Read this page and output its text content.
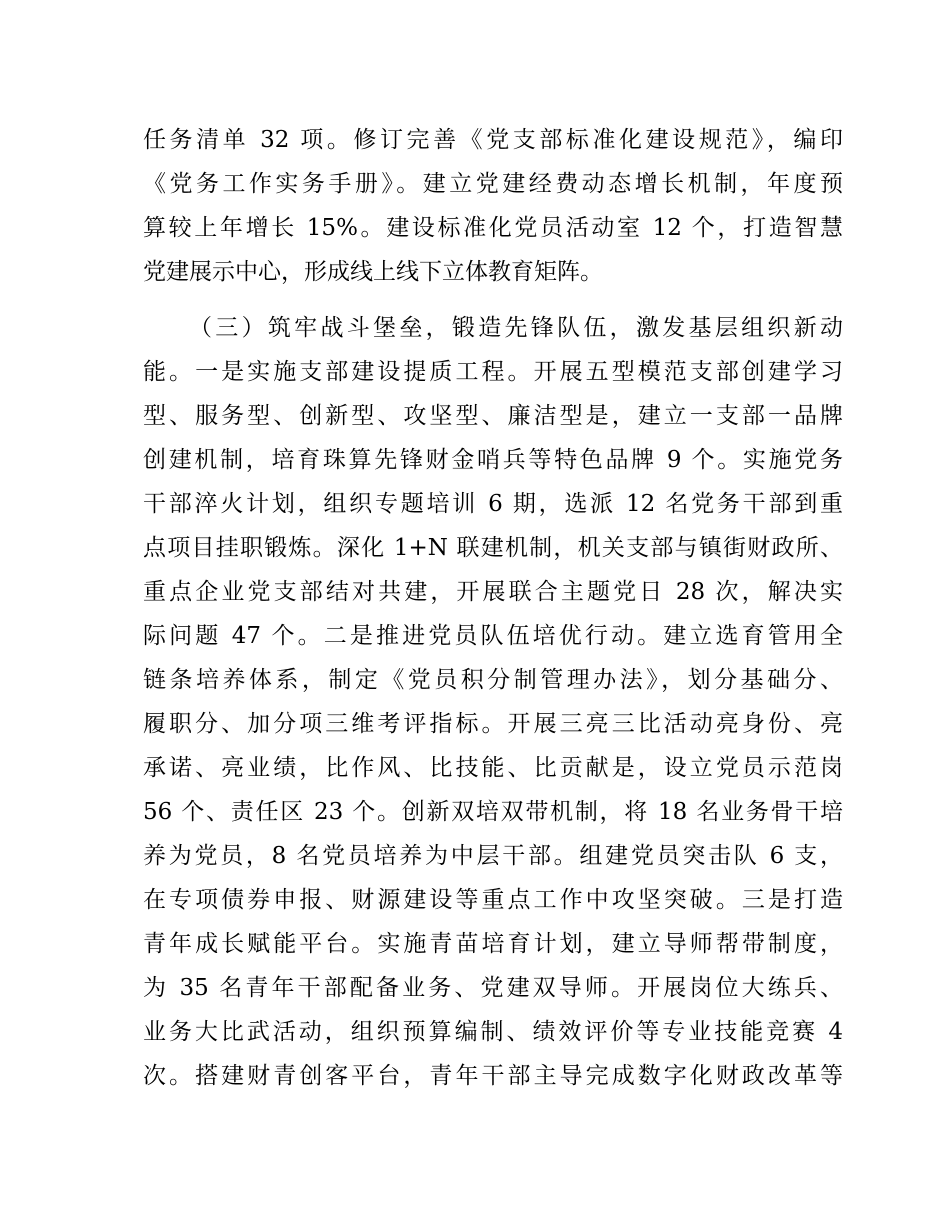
任务清单 32 项。修订完善《党支部标准化建设规范》，编印
《党务工作实务手册》。建立党建经费动态增长机制，年度预
算较上年增长 15%。建设标准化党员活动室 12 个，打造智慧
党建展示中心，形成线上线下立体教育矩阵。
（三）筑牢战斗堡垒，锻造先锋队伍，激发基层组织新动
能。一是实施支部建设提质工程。开展五型模范支部创建学习
型、服务型、创新型、攻坚型、廉洁型是，建立一支部一品牌
创建机制，培育珠算先锋财金哨兵等特色品牌 9 个。实施党务
干部淬火计划，组织专题培训 6 期，选派 12 名党务干部到重
点项目挂职锻炼。深化 1+N 联建机制，机关支部与镇街财政所、
重点企业党支部结对共建，开展联合主题党日 28 次，解决实
际问题 47 个。二是推进党员队伍培优行动。建立选育管用全
链条培养体系，制定《党员积分制管理办法》，划分基础分、
履职分、加分项三维考评指标。开展三亮三比活动亮身份、亮
承诺、亮业绩，比作风、比技能、比贡献是，设立党员示范岗
56 个、责任区 23 个。创新双培双带机制，将 18 名业务骨干培
养为党员，8 名党员培养为中层干部。组建党员突击队 6 支，
在专项债券申报、财源建设等重点工作中攻坚突破。三是打造
青年成长赋能平台。实施青苗培育计划，建立导师帮带制度，
为 35 名青年干部配备业务、党建双导师。开展岗位大练兵、
业务大比武活动，组织预算编制、绩效评价等专业技能竞赛 4
次。搭建财青创客平台，青年干部主导完成数字化财政改革等
